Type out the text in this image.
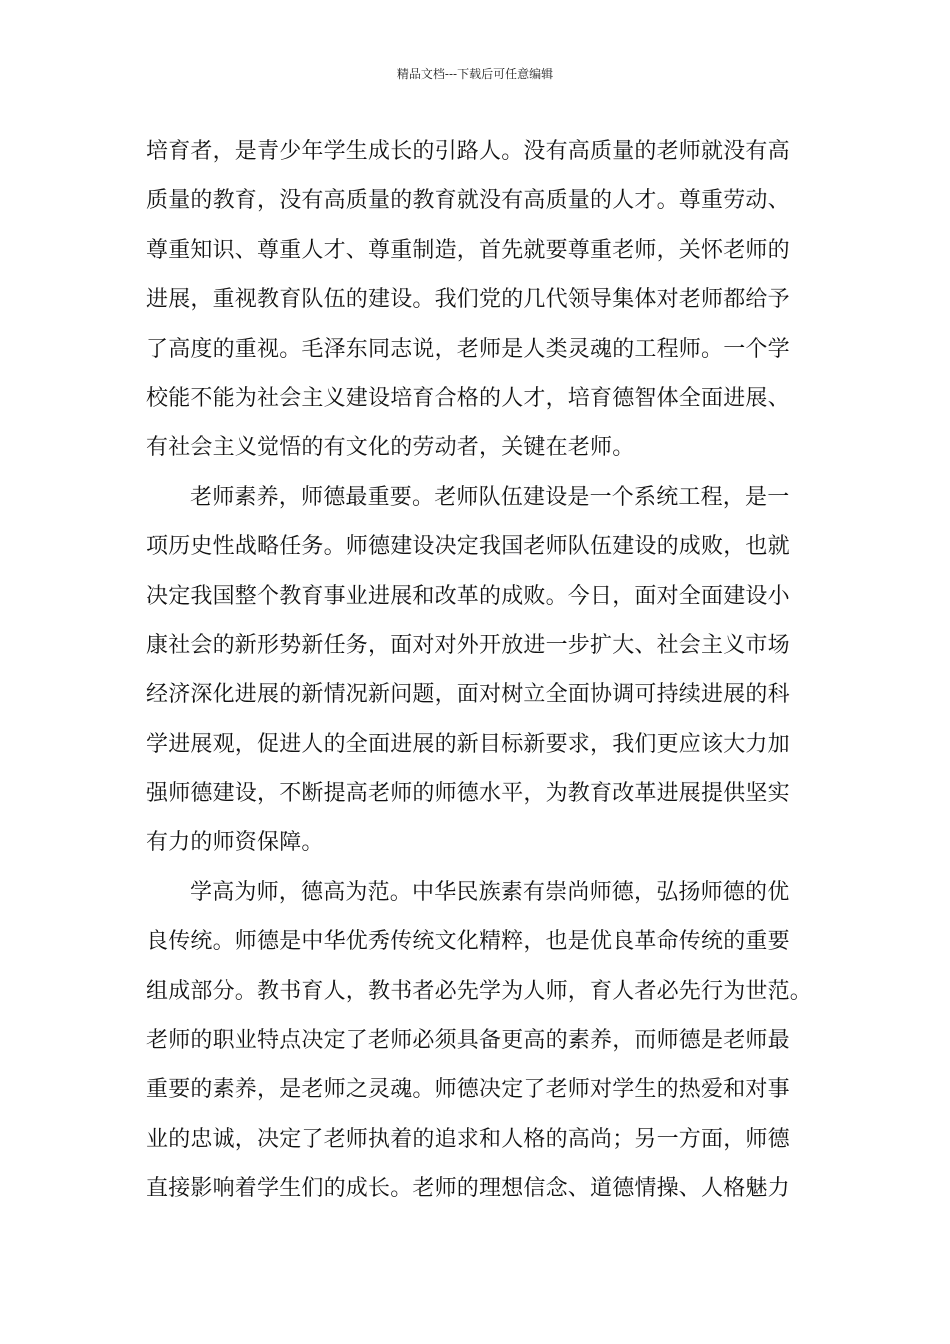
精品文档---下载后可任意编辑
培育者，是青少年学生成长的引路人。没有高质量的老师就没有高
质量的教育，没有高质量的教育就没有高质量的人才。尊重劳动、
尊重知识、尊重人才、尊重制造，首先就要尊重老师，关怀老师的
进展，重视教育队伍的建设。我们党的几代领导集体对老师都给予
了高度的重视。毛泽东同志说，老师是人类灵魂的工程师。一个学
校能不能为社会主义建设培育合格的人才，培育德智体全面进展、
有社会主义觉悟的有文化的劳动者，关键在老师。
老师素养，师德最重要。老师队伍建设是一个系统工程，是一
项历史性战略任务。师德建设决定我国老师队伍建设的成败，也就
决定我国整个教育事业进展和改革的成败。今日，面对全面建设小
康社会的新形势新任务，面对对外开放进一步扩大、社会主义市场
经济深化进展的新情况新问题，面对树立全面协调可持续进展的科
学进展观，促进人的全面进展的新目标新要求，我们更应该大力加
强师德建设，不断提高老师的师德水平，为教育改革进展提供坚实
有力的师资保障。
学高为师，德高为范。中华民族素有崇尚师德，弘扬师德的优
良传统。师德是中华优秀传统文化精粹，也是优良革命传统的重要
组成部分。教书育人，教书者必先学为人师，育人者必先行为世范。
老师的职业特点决定了老师必须具备更高的素养，而师德是老师最
重要的素养，是老师之灵魂。师德决定了老师对学生的热爱和对事
业的忠诚，决定了老师执着的追求和人格的高尚；另一方面，师德
直接影响着学生们的成长。老师的理想信念、道德情操、人格魅力
